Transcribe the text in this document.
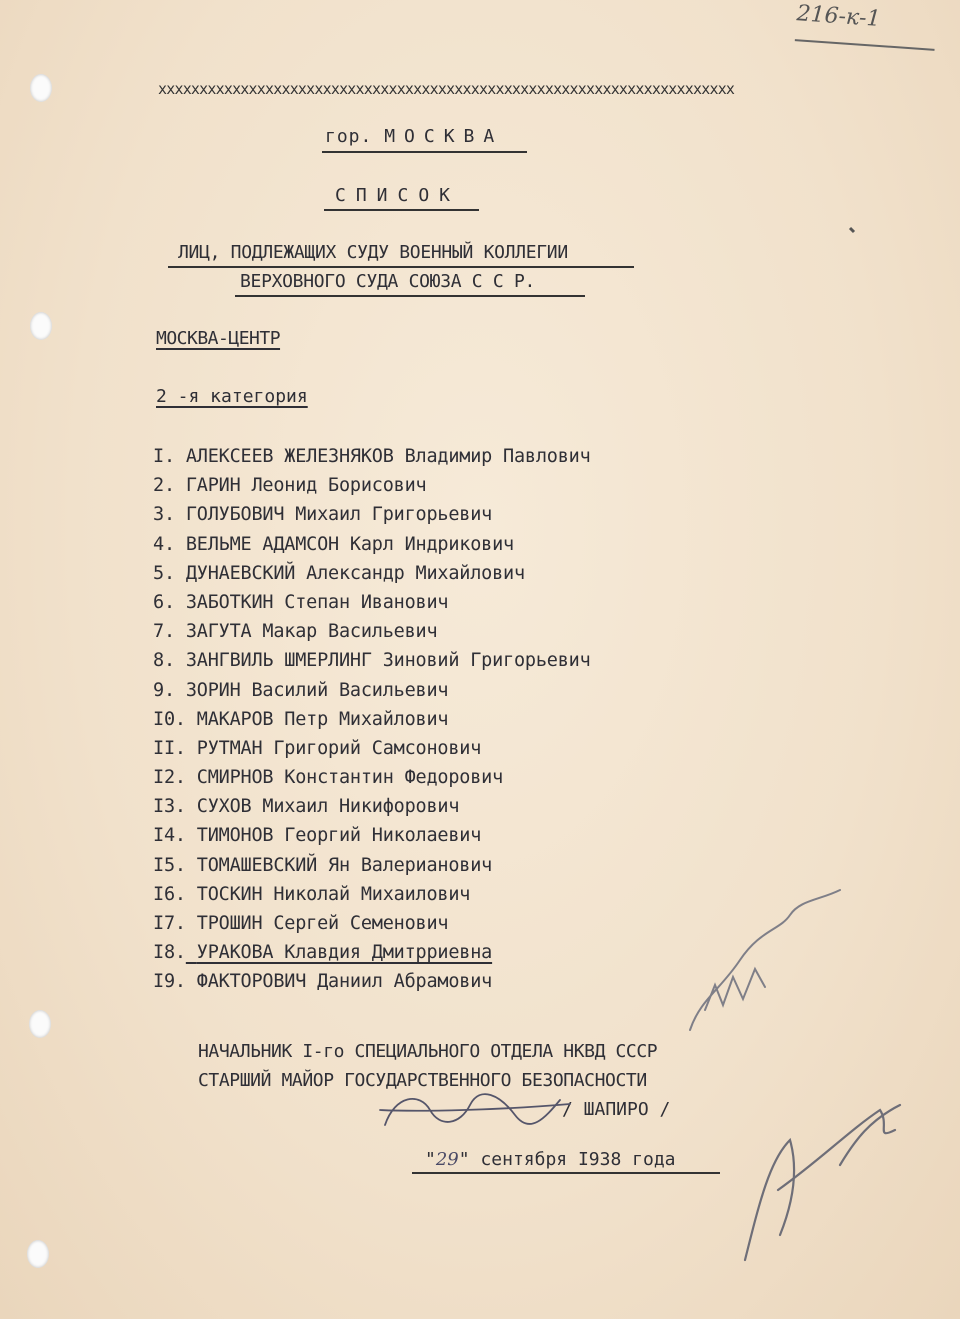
216-к-1
xxxxxxxxxxxxxxxxxxxxxxxxxxxxxxxxxxxxxxxxxxxxxxxxxxxxxxxxxxxxxxxxxxxxxx
гор. МОСКВА
СПИСОК
ЛИЦ, ПОДЛЕЖАЩИХ СУДУ ВОЕННЫЙ КОЛЛЕГИИ
ВЕРХОВНОГО СУДА СОЮЗА С С Р.
МОСКВА-ЦЕНТР
2 -я категория
I. АЛЕКСЕЕВ ЖЕЛЕЗНЯКОВ Владимир Павлович
2. ГАРИН Леонид Борисович
3. ГОЛУБОВИЧ Михаил Григорьевич
4. ВЕЛЬМЕ АДАМСОН Карл Индрикович
5. ДУНАЕВСКИЙ Александр Михайлович
6. ЗАБОТКИН Степан Иванович
7. ЗАГУТА Макар Васильевич
8. ЗАНГВИЛЬ ШМЕРЛИНГ Зиновий Григорьевич
9. ЗОРИН Василий Васильевич
I0. МАКАРОВ Петр Михайлович
II. РУТМАН Григорий Самсонович
I2. СМИРНОВ Константин Федорович
I3. СУХОВ Михаил Никифорович
I4. ТИМОНОВ Георгий Николаевич
I5. ТОМАШЕВСКИЙ Ян Валерианович
I6. ТОСКИН Николай Михаилович
I7. ТРОШИН Сергей Семенович
I8. УРАКОВА Клавдия Дмитрриевна
I9. ФАКТОРОВИЧ Даниил Абрамович
НАЧАЛЬНИК I-го СПЕЦИАЛЬНОГО ОТДЕЛА НКВД СССР
СТАРШИЙ МАЙОР ГОСУДАРСТВЕННОГО БЕЗОПАСНОСТИ
/ ШАПИРО /
"29" сентября I938 года
